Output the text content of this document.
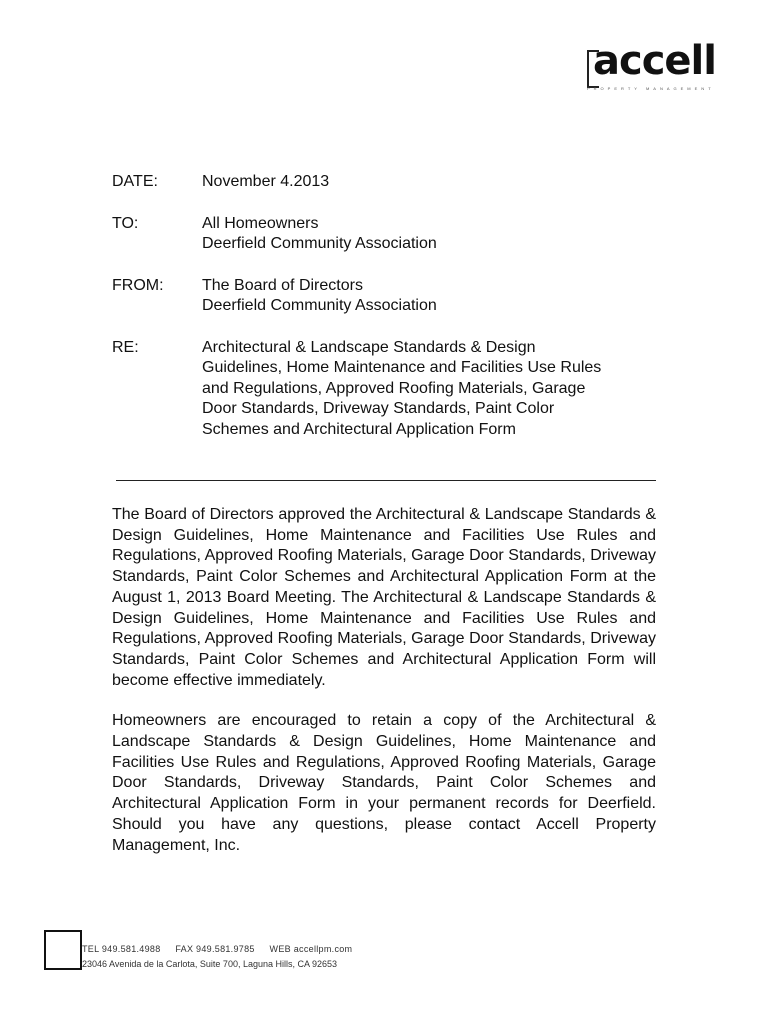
accell
PROPERTY MANAGEMENT
DATE:	November 4.2013
TO:	All Homeowners
Deerfield Community Association
FROM:	The Board of Directors
Deerfield Community Association
RE:	Architectural & Landscape Standards & Design
Guidelines, Home Maintenance and Facilities Use Rules
and Regulations, Approved Roofing Materials, Garage
Door Standards, Driveway Standards, Paint Color
Schemes and Architectural Application Form

The Board of Directors approved the Architectural & Landscape Standards & Design Guidelines, Home Maintenance and Facilities Use Rules and Regulations, Approved Roofing Materials, Garage Door Standards, Driveway Standards, Paint Color Schemes and Architectural Application Form at the August 1, 2013 Board Meeting. The Architectural & Landscape Standards & Design Guidelines, Home Maintenance and Facilities Use Rules and Regulations, Approved Roofing Materials, Garage Door Standards, Driveway Standards, Paint Color Schemes and Architectural Application Form will become effective immediately.

Homeowners are encouraged to retain a copy of the Architectural & Landscape Standards & Design Guidelines, Home Maintenance and Facilities Use Rules and Regulations, Approved Roofing Materials, Garage Door Standards, Driveway Standards, Paint Color Schemes and Architectural Application Form in your permanent records for Deerfield. Should you have any questions, please contact Accell Property Management, Inc.

TEL 949.581.4988 FAX 949.581.9785 WEB accellpm.com
23046 Avenida de la Carlota, Suite 700, Laguna Hills, CA 92653
